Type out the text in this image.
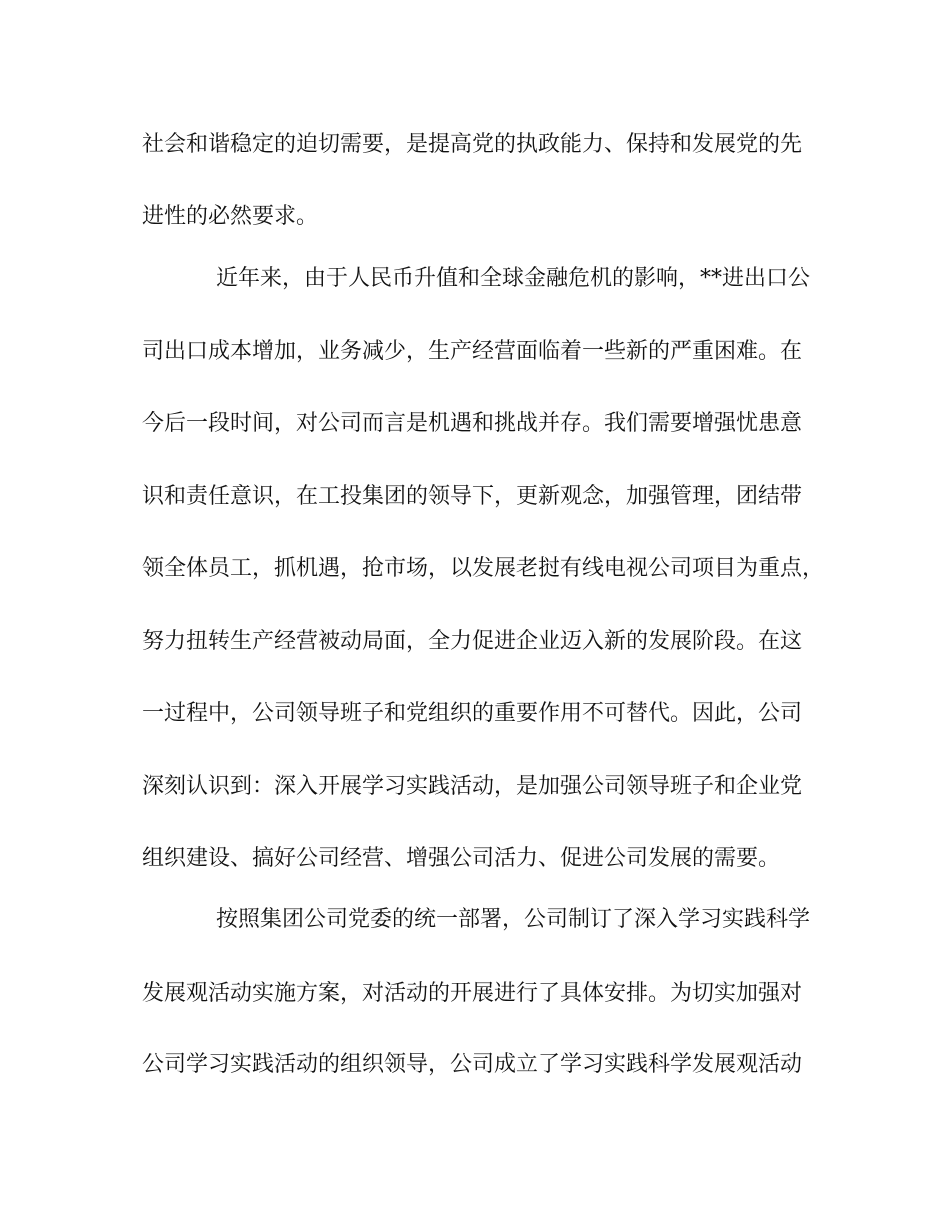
社会和谐稳定的迫切需要，是提高党的执政能力、保持和发展党的先
进性的必然要求。
近年来，由于人民币升值和全球金融危机的影响，**进出口公
司出口成本增加，业务减少，生产经营面临着一些新的严重困难。在
今后一段时间，对公司而言是机遇和挑战并存。我们需要增强忧患意
识和责任意识，在工投集团的领导下，更新观念，加强管理，团结带
领全体员工，抓机遇，抢市场，以发展老挝有线电视公司项目为重点，
努力扭转生产经营被动局面，全力促进企业迈入新的发展阶段。在这
一过程中，公司领导班子和党组织的重要作用不可替代。因此，公司
深刻认识到：深入开展学习实践活动，是加强公司领导班子和企业党
组织建设、搞好公司经营、增强公司活力、促进公司发展的需要。
按照集团公司党委的统一部署，公司制订了深入学习实践科学
发展观活动实施方案，对活动的开展进行了具体安排。为切实加强对
公司学习实践活动的组织领导，公司成立了学习实践科学发展观活动
